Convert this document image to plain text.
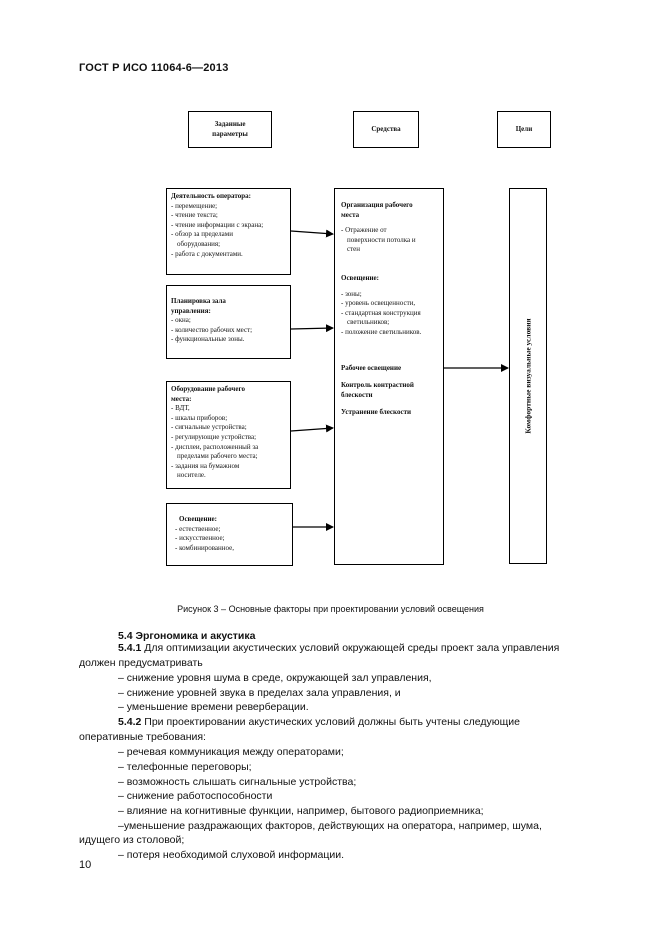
ГОСТ Р ИСО 11064-6—2013
Заданные
параметры
Средства	Цели
Деятельность оператора:
- перемещение;
- чтение текста;
- чтение информации с экрана;
- обзор за пределами
оборудования;
- работа с документами.
Планировка зала
управления:
- окна;
- количество рабочих мест;
- функциональные зоны.
Оборудование рабочего
места:
- ВДТ,
- шкалы приборов;
- сигнальные устройства;
- регулирующие устройства;
- дисплеи, расположенный за
пределами рабочего места;
- задания на бумажном
носителе.
Освещение:
- естественное;
- искусственное;
- комбинированное,
Организация рабочего
места
- Отражение от
поверхности потолка и
стен
Освещение:
- зоны;
- уровень освещенности,
- стандартная конструкция
светильников;
- положение светильников.
Рабочее освещение
Контроль контрастной
блескости
Устранение блескости	Комфортные визуальные условия
Рисунок 3 – Основные факторы при проектировании условий освещения
5.4 Эргономика и акустика
5.4.1 Для оптимизации акустических условий окружающей среды проект зала управления
должен предусматривать
– снижение уровня шума в среде, окружающей зал управления,
– снижение уровней звука в пределах зала управления, и
– уменьшение времени реверберации.
5.4.2 При проектировании акустических условий должны быть учтены следующие
оперативные требования:
– речевая коммуникация между операторами;
– телефонные переговоры;
– возможность слышать сигнальные устройства;
– снижение работоспособности
– влияние на когнитивные функции, например, бытового радиоприемника;
–уменьшение раздражающих факторов, действующих на оператора, например, шума,
идущего из столовой;
– потеря необходимой слуховой информации.
10
